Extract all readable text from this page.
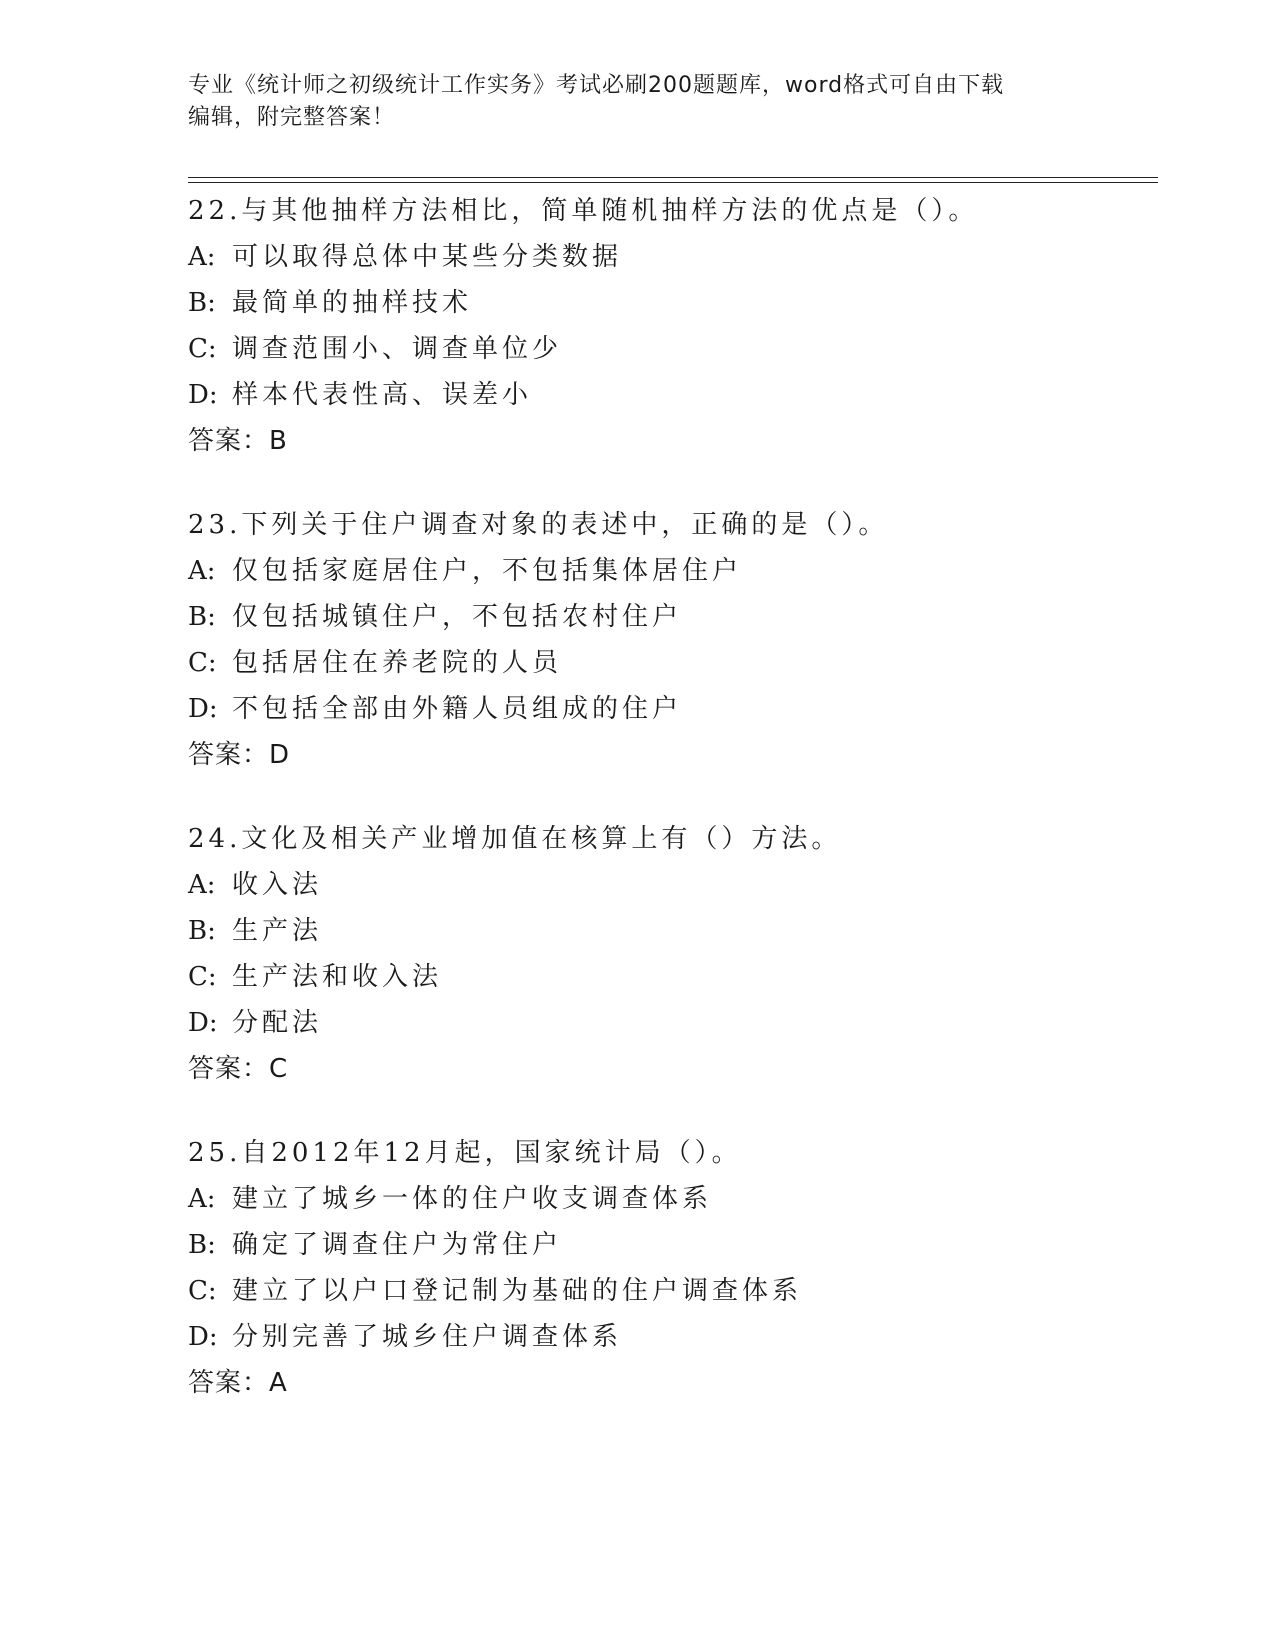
专业《统计师之初级统计工作实务》考试必刷200题题库，word格式可自由下载
编辑，附完整答案！
22.与其他抽样方法相比，简单随机抽样方法的优点是（）。
A: 可以取得总体中某些分类数据
B: 最简单的抽样技术
C: 调查范围小、调查单位少
D: 样本代表性高、误差小
答案：B
23.下列关于住户调查对象的表述中，正确的是（）。
A: 仅包括家庭居住户，不包括集体居住户
B: 仅包括城镇住户，不包括农村住户
C: 包括居住在养老院的人员
D: 不包括全部由外籍人员组成的住户
答案：D
24.文化及相关产业增加值在核算上有（）方法。
A: 收入法
B: 生产法
C: 生产法和收入法
D: 分配法
答案：C
25.自2012年12月起，国家统计局（）。
A: 建立了城乡一体的住户收支调查体系
B: 确定了调查住户为常住户
C: 建立了以户口登记制为基础的住户调查体系
D: 分别完善了城乡住户调查体系
答案：A
